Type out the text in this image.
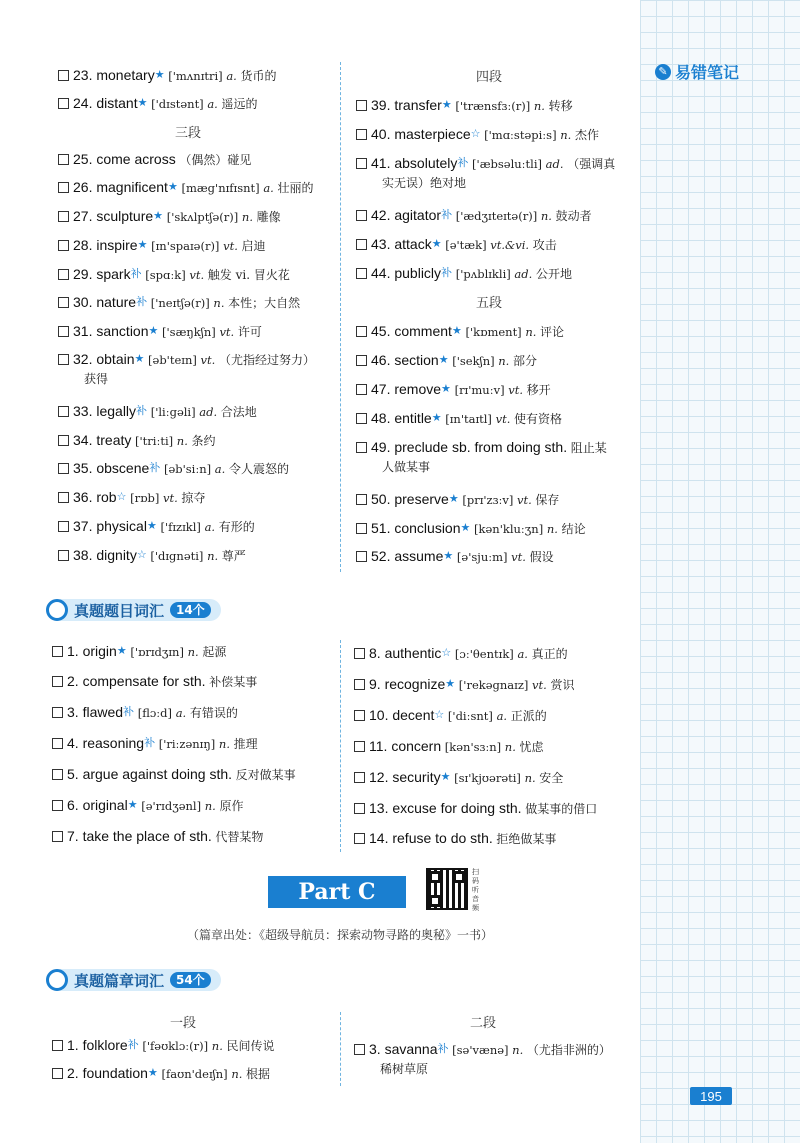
✎ 易错笔记
三段
四段
五段
一段	二段
23. monetary★ ['mʌnɪtri] a. 货币的
24. distant★ ['dɪstənt] a. 遥远的
25. come across （偶然）碰见
26. magnificent★ [mæg'nɪfɪsnt] a. 壮丽的
27. sculpture★ ['skʌlptʃə(r)] n. 雕像
28. inspire★ [ɪn'spaɪə(r)] vt. 启迪
29. spark补 [spɑːk] vt. 触发 vi. 冒火花
30. nature补 ['neɪtʃə(r)] n. 本性；大自然
31. sanction★ ['sæŋkʃn] vt. 许可
32. obtain★ [əb'teɪn] vt. （尤指经过努力）
获得
33. legally补 ['liːgəli] ad. 合法地
34. treaty ['triːti] n. 条约
35. obscene补 [əb'siːn] a. 令人震怒的
36. rob☆ [rɒb] vt. 掠夺
37. physical★ ['fɪzɪkl] a. 有形的
38. dignity☆ ['dɪgnəti] n. 尊严
39. transfer★ ['trænsfɜː(r)] n. 转移
40. masterpiece☆ ['mɑːstəpiːs] n. 杰作
41. absolutely补 ['æbsəluːtli] ad. （强调真
实无误）绝对地
42. agitator补 ['ædʒɪteɪtə(r)] n. 鼓动者
43. attack★ [ə'tæk] vt.&vi. 攻击
44. publicly补 ['pʌblɪkli] ad. 公开地
45. comment★ ['kɒment] n. 评论
46. section★ ['sekʃn] n. 部分
47. remove★ [rɪ'muːv] vt. 移开
48. entitle★ [ɪn'taɪtl] vt. 使有资格
49. preclude sb. from doing sth. 阻止某
人做某事
50. preserve★ [prɪ'zɜːv] vt. 保存
51. conclusion★ [kən'kluːʒn] n. 结论
52. assume★ [ə'sjuːm] vt. 假设
1. origin★ ['ɒrɪdʒɪn] n. 起源
2. compensate for sth. 补偿某事
3. flawed补 [flɔːd] a. 有错误的
4. reasoning补 ['riːzənɪŋ] n. 推理
5. argue against doing sth. 反对做某事
6. original★ [ə'rɪdʒənl] n. 原作
7. take the place of sth. 代替某物
8. authentic☆ [ɔː'θentɪk] a. 真正的
9. recognize★ ['rekəgnaɪz] vt. 赏识
10. decent☆ ['diːsnt] a. 正派的
11. concern [kən'sɜːn] n. 忧虑
12. security★ [sɪ'kjʊərəti] n. 安全
13. excuse for doing sth. 做某事的借口
14. refuse to do sth. 拒绝做某事
1. folklore补 ['fəʊklɔː(r)] n. 民间传说
2. foundation★ [faʊn'deɪʃn] n. 根据
3. savanna补 [sə'vænə] n. （尤指非洲的）
稀树草原
真题题目词汇	14个
Part C
扫码听音频
（篇章出处：《超级导航员：探索动物寻路的奥秘》一书）
真题篇章词汇	54个
195
